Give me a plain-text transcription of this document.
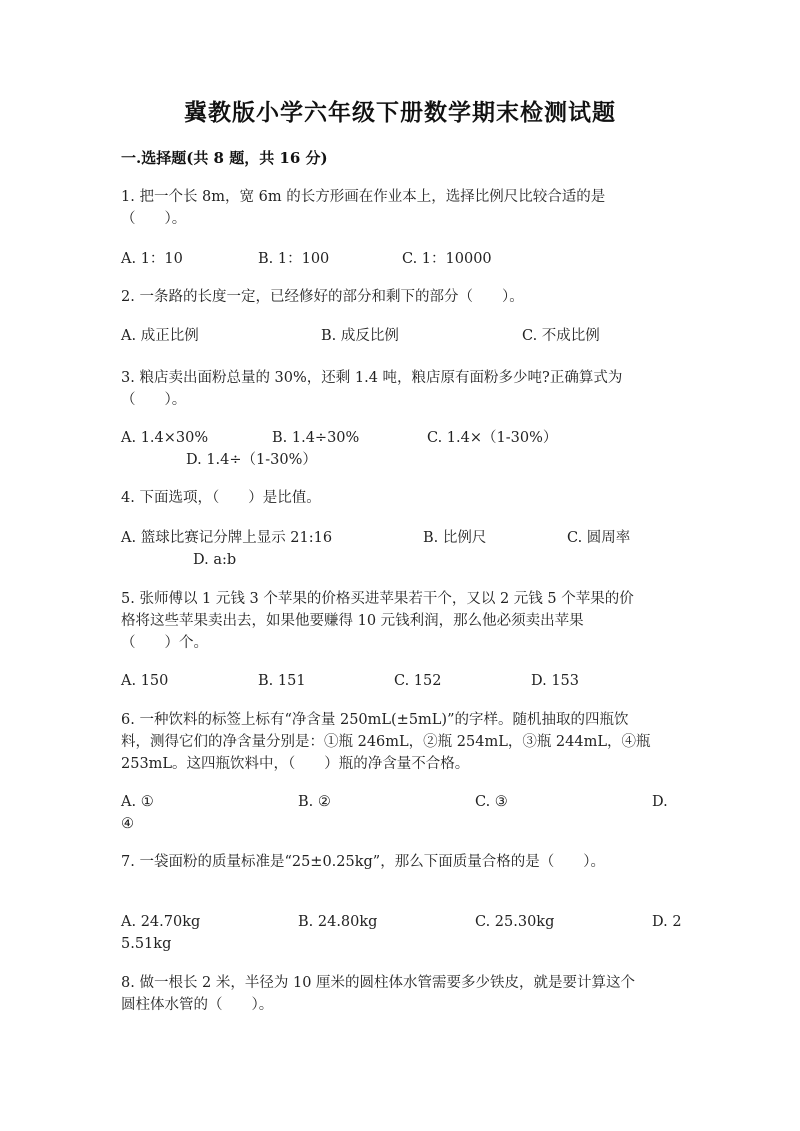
冀教版小学六年级下册数学期末检测试题
一.选择题(共 8 题，共 16 分)
1. 把一个长 8m，宽 6m 的长方形画在作业本上，选择比例尺比较合适的是
（　　）。
A. 1：10	B. 1：100	C. 1：10000
2. 一条路的长度一定，已经修好的部分和剩下的部分（　　）。
A. 成正比例	B. 成反比例	C. 不成比例
3. 粮店卖出面粉总量的 30%，还剩 1.4 吨，粮店原有面粉多少吨?正确算式为
（　　）。
A. 1.4×30%	B. 1.4÷30%	C. 1.4×（1-30%）
D. 1.4÷（1-30%）
4. 下面选项，（　　）是比值。
A. 篮球比赛记分牌上显示 21:16	B. 比例尺	C. 圆周率
D. a:b
5. 张师傅以 1 元钱 3 个苹果的价格买进苹果若干个，又以 2 元钱 5 个苹果的价
格将这些苹果卖出去，如果他要赚得 10 元钱利润，那么他必须卖出苹果
（　　）个。
A. 150	B. 151	C. 152	D. 153
6. 一种饮料的标签上标有“净含量 250mL(±5mL)”的字样。随机抽取的四瓶饮
料，测得它们的净含量分别是：①瓶 246mL，②瓶 254mL，③瓶 244mL，④瓶
253mL。这四瓶饮料中，（　　）瓶的净含量不合格。
A. ①	B. ②	C. ③	D.
④
7. 一袋面粉的质量标准是“25±0.25kg”，那么下面质量合格的是（　　）。
A. 24.70kg	B. 24.80kg	C. 25.30kg	D. 2
5.51kg
8. 做一根长 2 米，半径为 10 厘米的圆柱体水管需要多少铁皮，就是要计算这个
圆柱体水管的（　　）。
